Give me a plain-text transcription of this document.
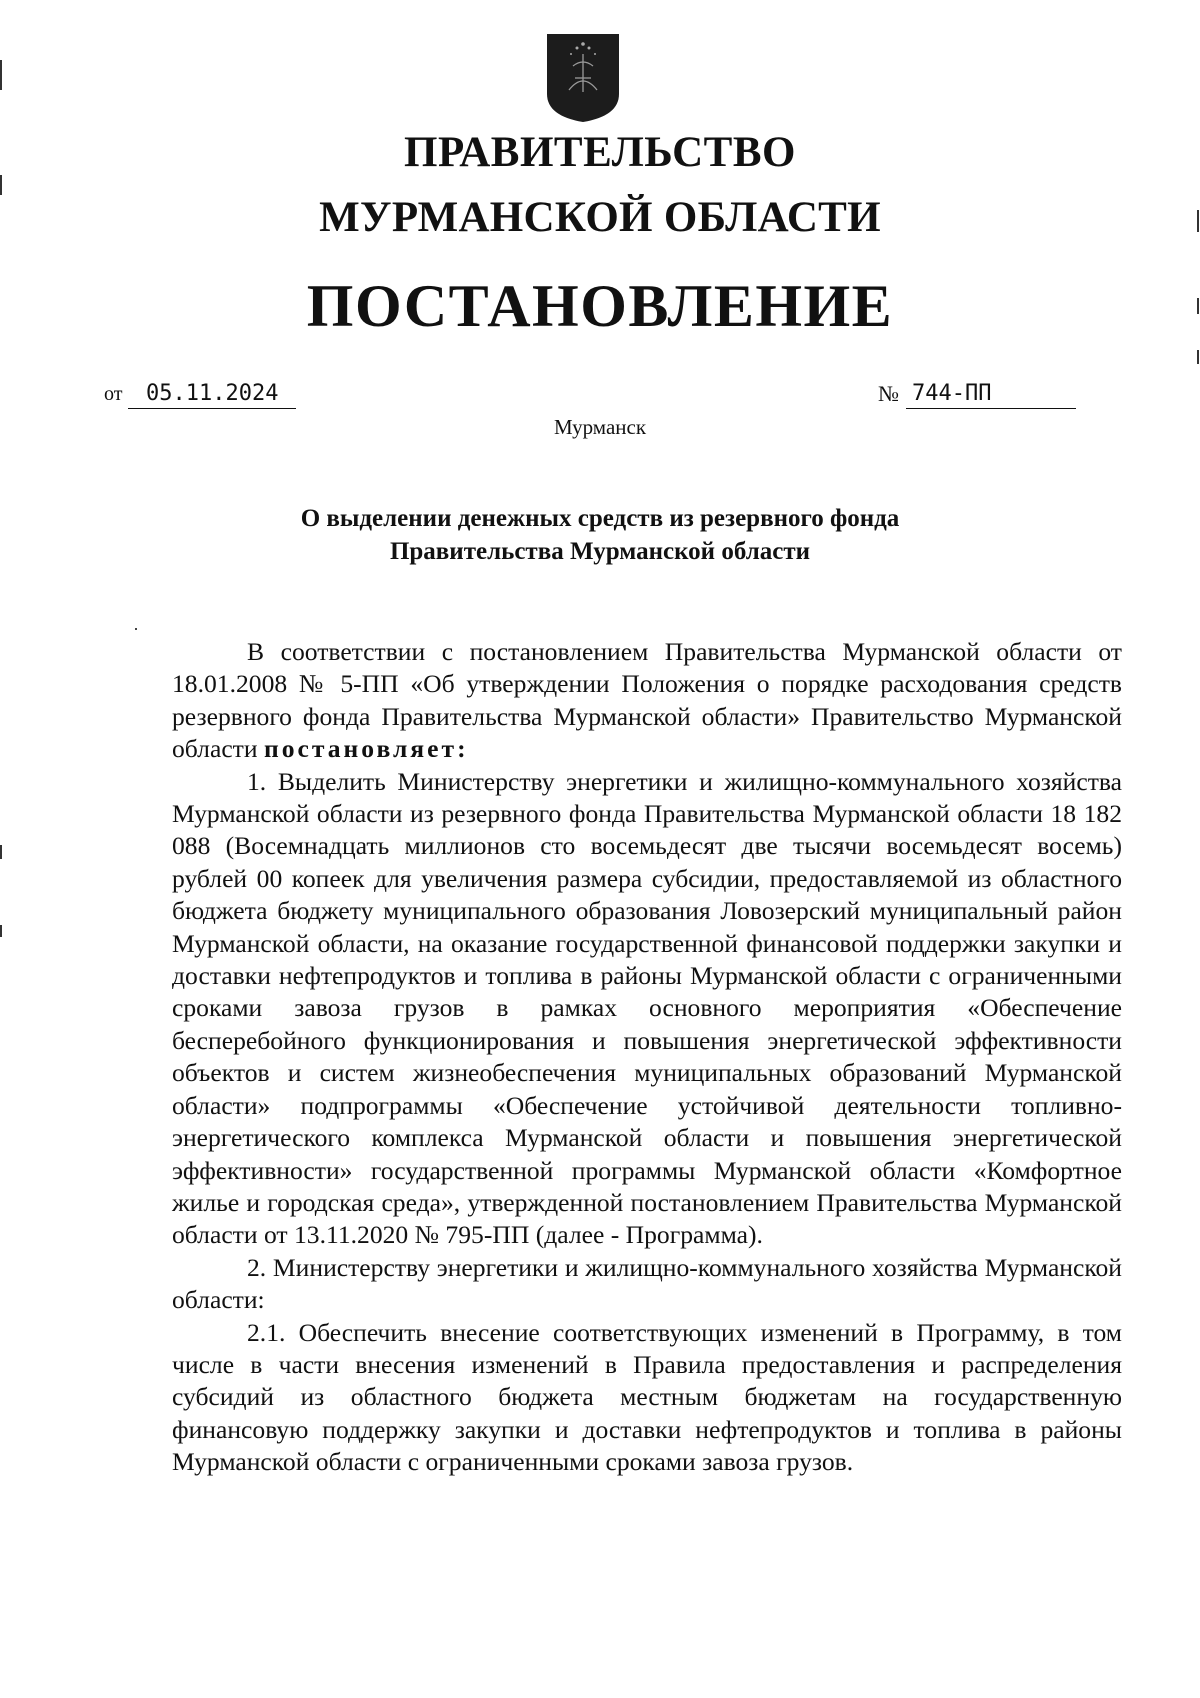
ПРАВИТЕЛЬСТВО
МУРМАНСКОЙ ОБЛАСТИ
ПОСТАНОВЛЕНИЕ
от	05.11.2024	№ 744-ПП
Мурманск
О выделении денежных средств из резервного фонда
Правительства Мурманской области

В соответствии с постановлением Правительства Мурманской области от 18.01.2008 № 5-ПП «Об утверждении Положения о порядке расходования средств резервного фонда Правительства Мурманской области» Правительство Мурманской области постановляет:

1. Выделить Министерству энергетики и жилищно-коммунального хозяйства Мурманской области из резервного фонда Правительства Мурманской области 18 182 088 (Восемнадцать миллионов сто восемьдесят две тысячи восемьдесят восемь) рублей 00 копеек для увеличения размера субсидии, предоставляемой из областного бюджета бюджету муниципального образования Ловозерский муниципальный район Мурманской области, на оказание государственной финансовой поддержки закупки и доставки нефтепродуктов и топлива в районы Мурманской области с ограниченными сроками завоза грузов в рамках основного мероприятия «Обеспечение бесперебойного функционирования и повышения энергетической эффективности объектов и систем жизнеобеспечения муниципальных образований Мурманской области» подпрограммы «Обеспечение устойчивой деятельности топливно-энергетического комплекса Мурманской области и повышения энергетической эффективности» государственной программы Мурманской области «Комфортное жилье и городская среда», утвержденной постановлением Правительства Мурманской области от 13.11.2020 № 795-ПП (далее - Программа).

2. Министерству энергетики и жилищно-коммунального хозяйства Мурманской области:

2.1. Обеспечить внесение соответствующих изменений в Программу, в том числе в части внесения изменений в Правила предоставления и распределения субсидий из областного бюджета местным бюджетам на государственную финансовую поддержку закупки и доставки нефтепродуктов и топлива в районы Мурманской области с ограниченными сроками завоза грузов.
